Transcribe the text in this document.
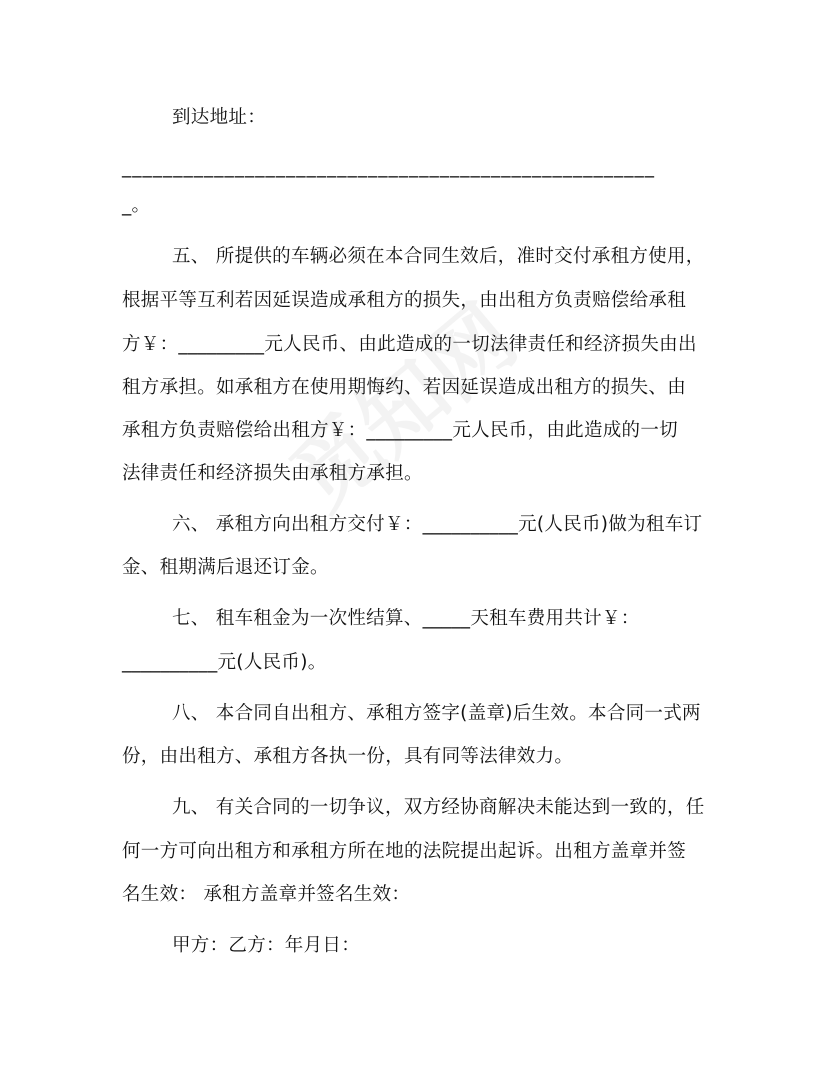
到达地址：
____________________________________________________
_。
五、 所提供的车辆必须在本合同生效后，准时交付承租方使用，
根据平等互利若因延误造成承租方的损失，由出租方负责赔偿给承租
方￥：_________元人民币、由此造成的一切法律责任和经济损失由出
租方承担。如承租方在使用期悔约、若因延误造成出租方的损失、由
承租方负责赔偿给出租方￥：_________元人民币，由此造成的一切
法律责任和经济损失由承租方承担。
六、 承租方向出租方交付￥：__________元(人民币)做为租车订
金、租期满后退还订金。
七、 租车租金为一次性结算、_____天租车费用共计￥：
__________元(人民币)。
八、 本合同自出租方、承租方签字(盖章)后生效。本合同一式两
份，由出租方、承租方各执一份，具有同等法律效力。
九、 有关合同的一切争议，双方经协商解决未能达到一致的，任
何一方可向出租方和承租方所在地的法院提出起诉。出租方盖章并签
名生效： 承租方盖章并签名生效：
甲方：乙方：年月日：
